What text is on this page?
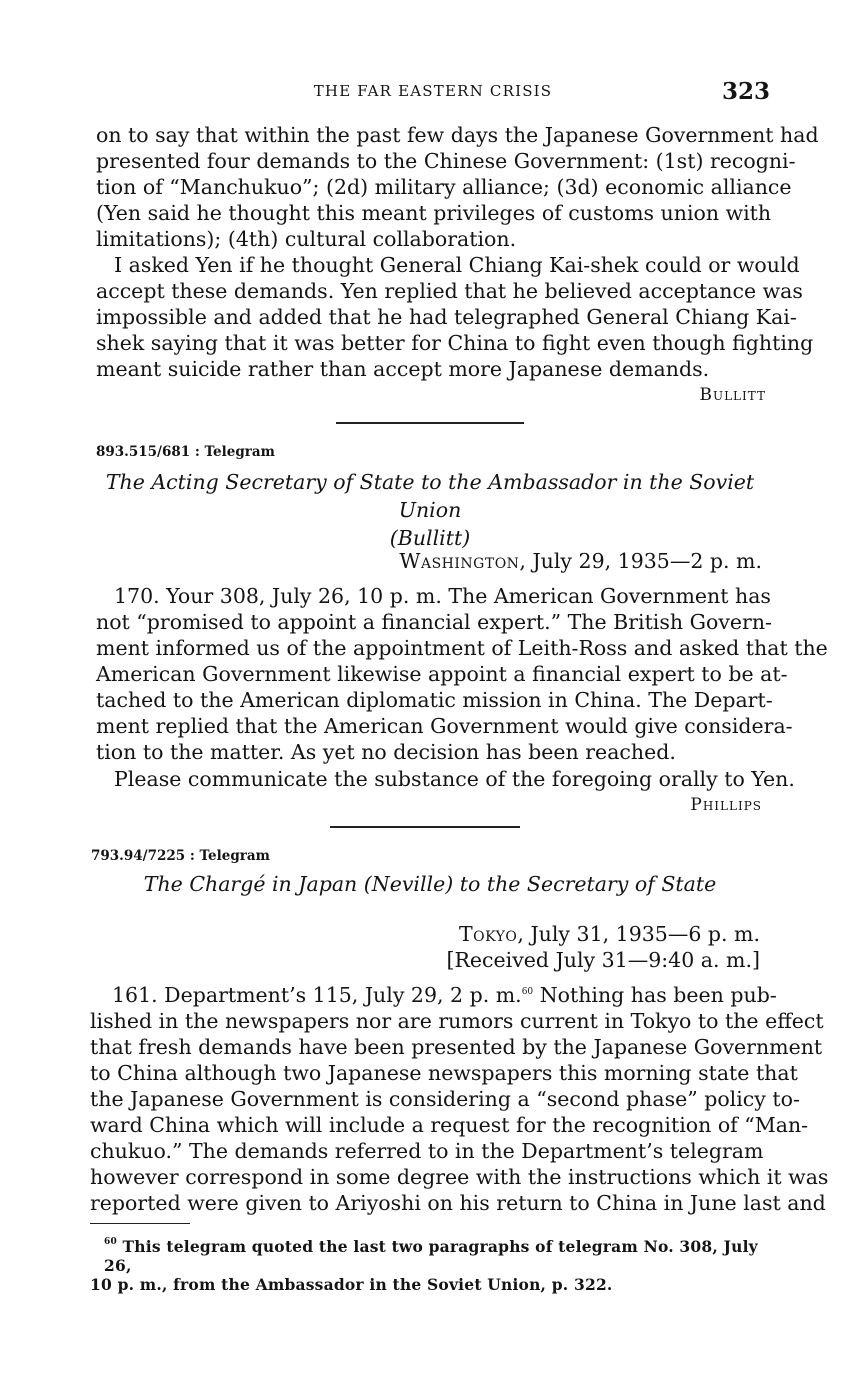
THE FAR EASTERN CRISIS	323
on to say that within the past few days the Japanese Government had
presented four demands to the Chinese Government: (1st) recogni-
tion of “Manchukuo”; (2d) military alliance; (3d) economic alliance
(Yen said he thought this meant privileges of customs union with
limitations); (4th) cultural collaboration.
I asked Yen if he thought General Chiang Kai-shek could or would
accept these demands. Yen replied that he believed acceptance was
impossible and added that he had telegraphed General Chiang Kai-
shek saying that it was better for China to fight even though fighting
meant suicide rather than accept more Japanese demands.
Bullitt
893.515/681 : Telegram
The Acting Secretary of State to the Ambassador in the Soviet Union
(Bullitt)
Washington, July 29, 1935—2 p. m.
170. Your 308, July 26, 10 p. m. The American Government has
not “promised to appoint a financial expert.” The British Govern-
ment informed us of the appointment of Leith-Ross and asked that the
American Government likewise appoint a financial expert to be at-
tached to the American diplomatic mission in China. The Depart-
ment replied that the American Government would give considera-
tion to the matter. As yet no decision has been reached.
Please communicate the substance of the foregoing orally to Yen.
Phillips
793.94/7225 : Telegram
The Chargé in Japan (Neville) to the Secretary of State
Tokyo, July 31, 1935—6 p. m.
[Received July 31—9:40 a. m.]
161. Department’s 115, July 29, 2 p. m.$^{60}$ Nothing has been pub-
lished in the newspapers nor are rumors current in Tokyo to the effect
that fresh demands have been presented by the Japanese Government
to China although two Japanese newspapers this morning state that
the Japanese Government is considering a “second phase” policy to-
ward China which will include a request for the recognition of “Man-
chukuo.” The demands referred to in the Department’s telegram
however correspond in some degree with the instructions which it was
reported were given to Ariyoshi on his return to China in June last and
$^{60}$ This telegram quoted the last two paragraphs of telegram No. 308, July 26,
10 p. m., from the Ambassador in the Soviet Union, p. 322.
